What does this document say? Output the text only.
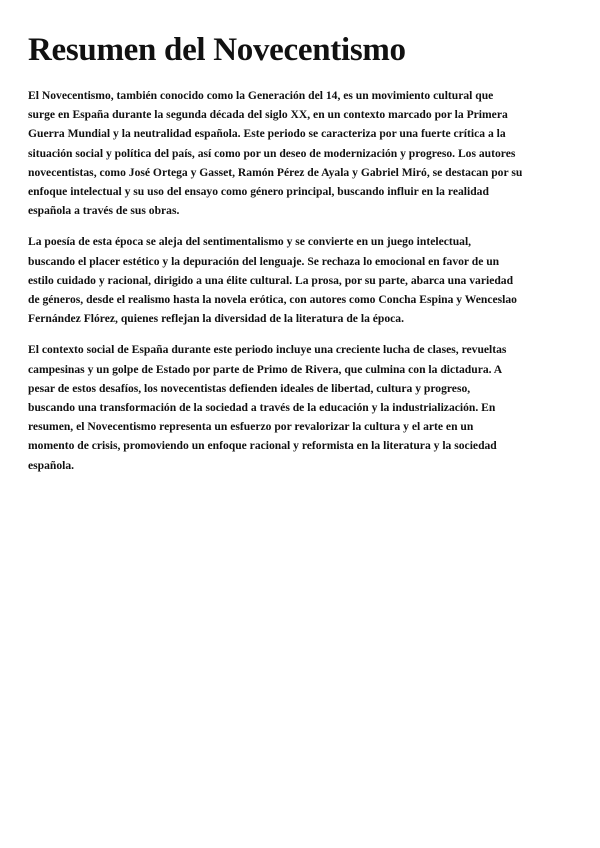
Resumen del Novecentismo

El Novecentismo, también conocido como la Generación del 14, es un movimiento cultural que
surge en España durante la segunda década del siglo XX, en un contexto marcado por la Primera
Guerra Mundial y la neutralidad española. Este periodo se caracteriza por una fuerte crítica a la
situación social y política del país, así como por un deseo de modernización y progreso. Los autores
novecentistas, como José Ortega y Gasset, Ramón Pérez de Ayala y Gabriel Miró, se destacan por su
enfoque intelectual y su uso del ensayo como género principal, buscando influir en la realidad
española a través de sus obras.

La poesía de esta época se aleja del sentimentalismo y se convierte en un juego intelectual,
buscando el placer estético y la depuración del lenguaje. Se rechaza lo emocional en favor de un
estilo cuidado y racional, dirigido a una élite cultural. La prosa, por su parte, abarca una variedad
de géneros, desde el realismo hasta la novela erótica, con autores como Concha Espina y Wenceslao
Fernández Flórez, quienes reflejan la diversidad de la literatura de la época.

El contexto social de España durante este periodo incluye una creciente lucha de clases, revueltas
campesinas y un golpe de Estado por parte de Primo de Rivera, que culmina con la dictadura. A
pesar de estos desafíos, los novecentistas defienden ideales de libertad, cultura y progreso,
buscando una transformación de la sociedad a través de la educación y la industrialización. En
resumen, el Novecentismo representa un esfuerzo por revalorizar la cultura y el arte en un
momento de crisis, promoviendo un enfoque racional y reformista en la literatura y la sociedad
española.
